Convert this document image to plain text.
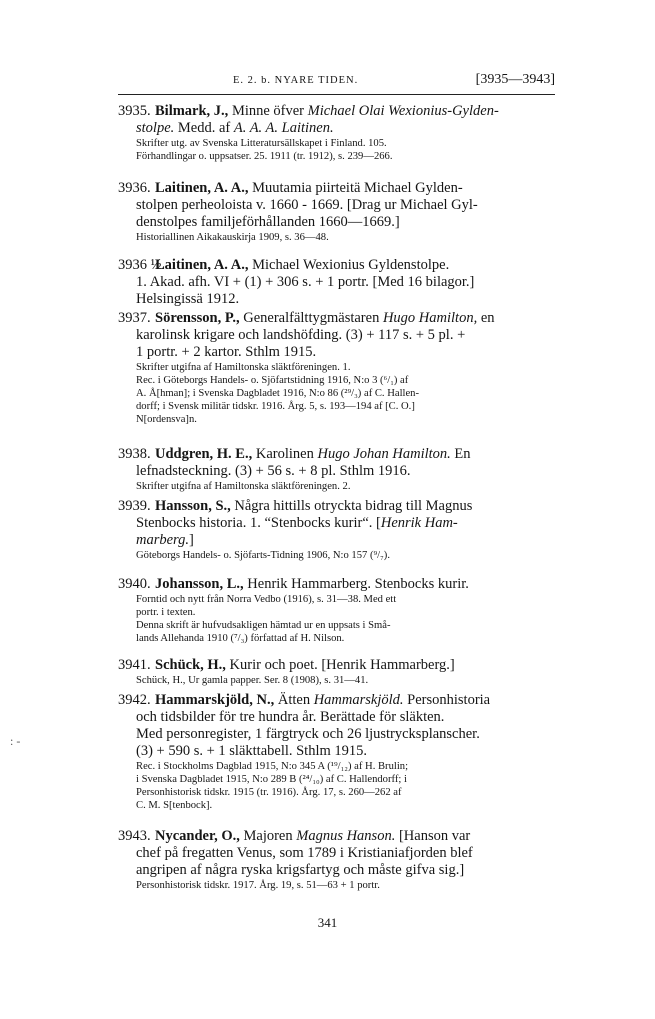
E. 2. b. NYARE TIDEN.	[3935—3943]
: -
3935. Bilmark, J., Minne öfver Michael Olai Wexionius-Gylden-
stolpe. Medd. af A. A. A. Laitinen.
Skrifter utg. av Svenska Litteratursällskapet i Finland. 105.
Förhandlingar o. uppsatser. 25. 1911 (tr. 1912), s. 239—266.
3936. Laitinen, A. A., Muutamia piirteitä Michael Gylden-
stolpen perheoloista v. 1660 - 1669. [Drag ur Michael Gyl-
denstolpes familjeförhållanden 1660—1669.]
Historiallinen Aikakauskirja 1909, s. 36—48.
3936 ½.
Laitinen, A. A., Michael Wexionius Gyldenstolpe.
1. Akad. afh. VI + (1) + 306 s. + 1 portr. [Med 16 bilagor.]
Helsingissä 1912.
3937. Sörensson, P., Generalfälttygmästaren Hugo Hamilton, en
karolinsk krigare och landshöfding. (3) + 117 s. + 5 pl. +
1 portr. + 2 kartor. Sthlm 1915.
Skrifter utgifna af Hamiltonska släktföreningen. 1.
Rec. i Göteborgs Handels- o. Sjöfartstidning 1916, N:o 3 (⁶/₁) af
A. Å[hman]; i Svenska Dagbladet 1916, N:o 86 (²⁹/₃) af C. Hallen-
dorff; i Svensk militär tidskr. 1916. Årg. 5, s. 193—194 af [C. O.]
N[ordensva]n.
3938. Uddgren, H. E., Karolinen Hugo Johan Hamilton. En
lefnadsteckning. (3) + 56 s. + 8 pl. Sthlm 1916.
Skrifter utgifna af Hamiltonska släktföreningen. 2.
3939. Hansson, S., Några hittills otryckta bidrag till Magnus
Stenbocks historia. 1. “Stenbocks kurir“. [Henrik Ham-
marberg.]
Göteborgs Handels- o. Sjöfarts-Tidning 1906, N:o 157 (⁹/₇).
3940. Johansson, L., Henrik Hammarberg. Stenbocks kurir.
Forntid och nytt från Norra Vedbo (1916), s. 31—38. Med ett
portr. i texten.
Denna skrift är hufvudsakligen hämtad ur en uppsats i Små-
lands Allehanda 1910 (⁷/₃) författad af H. Nilson.
3941. Schück, H., Kurir och poet. [Henrik Hammarberg.]
Schück, H., Ur gamla papper. Ser. 8 (1908), s. 31—41.
3942. Hammarskjöld, N., Ätten Hammarskjöld. Personhistoria
och tidsbilder för tre hundra år. Berättade för släkten.
Med personregister, 1 färgtryck och 26 ljustrycksplanscher.
(3) + 590 s. + 1 släkttabell. Sthlm 1915.
Rec. i Stockholms Dagblad 1915, N:o 345 A (¹⁹/₁₂) af H. Brulin;
i Svenska Dagbladet 1915, N:o 289 B (²⁴/₁₀) af C. Hallendorff; i
Personhistorisk tidskr. 1915 (tr. 1916). Årg. 17, s. 260—262 af
C. M. S[tenbock].
3943. Nycander, O., Majoren Magnus Hanson. [Hanson var
chef på fregatten Venus, som 1789 i Kristianiafjorden blef
angripen af några ryska krigsfartyg och måste gifva sig.]
Personhistorisk tidskr. 1917. Årg. 19, s. 51—63 + 1 portr.
341
